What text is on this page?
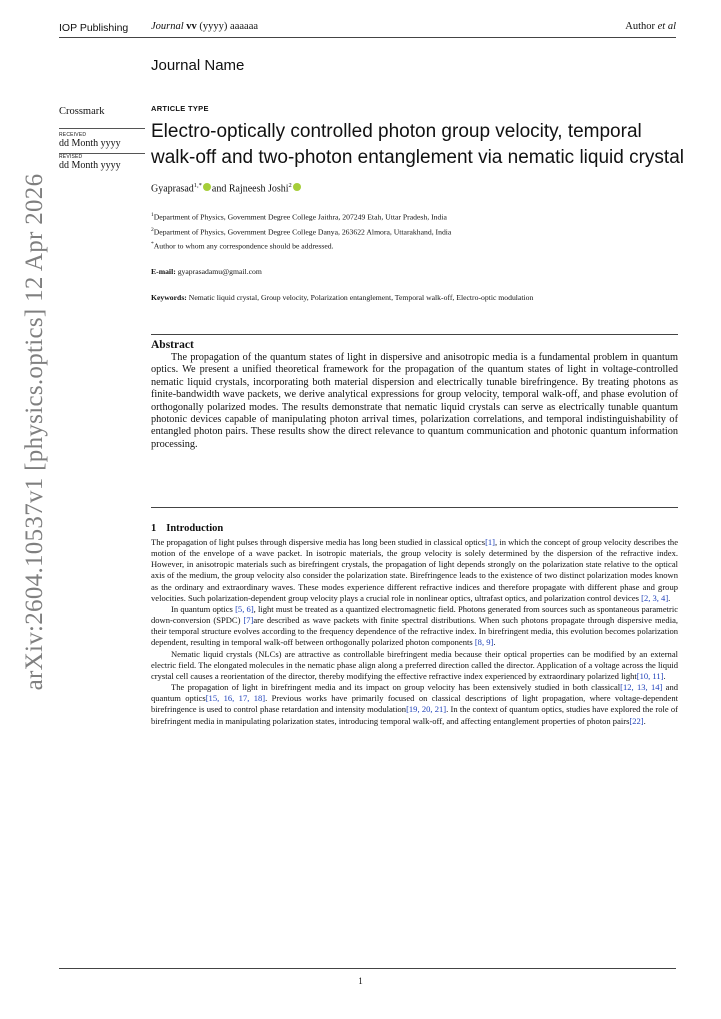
IOP Publishing Journal vv (yyyy) aaaaaa	Author et al
Journal Name
arXiv:2604.10537v1 [physics.optics] 12 Apr 2026
Crossmark
RECEIVED
dd Month yyyy
REVISED
dd Month yyyy
ARTICLE TYPE
Electro-optically controlled photon group velocity, temporal walk-off and two-photon entanglement via nematic liquid crystal
Gyaprasad$^{1,*}$ and Rajneesh Joshi$^2$
$^1$Department of Physics, Government Degree College Jaithra, 207249 Etah, Uttar Pradesh, India
$^2$Department of Physics, Government Degree College Danya, 263622 Almora, Uttarakhand, India
*Author to whom any correspondence should be addressed.
E-mail: gyaprasadamu@gmail.com
Keywords: Nematic liquid crystal, Group velocity, Polarization entanglement, Temporal walk-off, Electro-optic modulation
Abstract
The propagation of the quantum states of light in dispersive and anisotropic media is a fundamental problem in quantum optics. We present a unified theoretical framework for the propagation of the quantum states of light in voltage-controlled nematic liquid crystals, incorporating both material dispersion and electrically tunable birefringence. By treating photons as finite-bandwidth wave packets, we derive analytical expressions for group velocity, temporal walk-off, and phase evolution of orthogonally polarized modes. The results demonstrate that nematic liquid crystals can serve as electrically tunable quantum photonic devices capable of manipulating photon arrival times, polarization correlations, and temporal indistinguishability of entangled photon pairs. These results show the direct relevance to quantum communication and photonic quantum information processing.
1 Introduction

The propagation of light pulses through dispersive media has long been studied in classical optics[1], in which the concept of group velocity describes the motion of the envelope of a wave packet. In isotropic materials, the group velocity is solely determined by the dispersion of the refractive index. However, in anisotropic materials such as birefringent crystals, the propagation of light depends strongly on the polarization state relative to the optical axis of the medium, the group velocity also consider the polarization state. Birefringence leads to the existence of two distinct polarization modes known as the ordinary and extraordinary waves. These modes experience different refractive indices and therefore propagate with different phase and group velocities. Such polarization-dependent group velocity plays a crucial role in nonlinear optics, ultrafast optics, and polarization control devices [2, 3, 4].

In quantum optics [5, 6], light must be treated as a quantized electromagnetic field. Photons generated from sources such as spontaneous parametric down-conversion (SPDC) [7]are described as wave packets with finite spectral distributions. When such photons propagate through dispersive media, their temporal structure evolves according to the frequency dependence of the refractive index. In birefringent media, this evolution becomes polarization dependent, resulting in temporal walk-off between orthogonally polarized photon components [8, 9].

Nematic liquid crystals (NLCs) are attractive as controllable birefringent media because their optical properties can be modified by an external electric field. The elongated molecules in the nematic phase align along a preferred direction called the director. Application of a voltage across the liquid crystal cell causes a reorientation of the director, thereby modifying the effective refractive index experienced by extraordinary polarized light[10, 11].

The propagation of light in birefringent media and its impact on group velocity has been extensively studied in both classical[12, 13, 14] and quantum optics[15, 16, 17, 18]. Previous works have primarily focused on classical descriptions of light propagation, where voltage-dependent birefringence is used to control phase retardation and intensity modulation[19, 20, 21]. In the context of quantum optics, studies have explored the role of birefringent media in manipulating polarization states, introducing temporal walk-off, and affecting entanglement properties of photon pairs[22].

1
